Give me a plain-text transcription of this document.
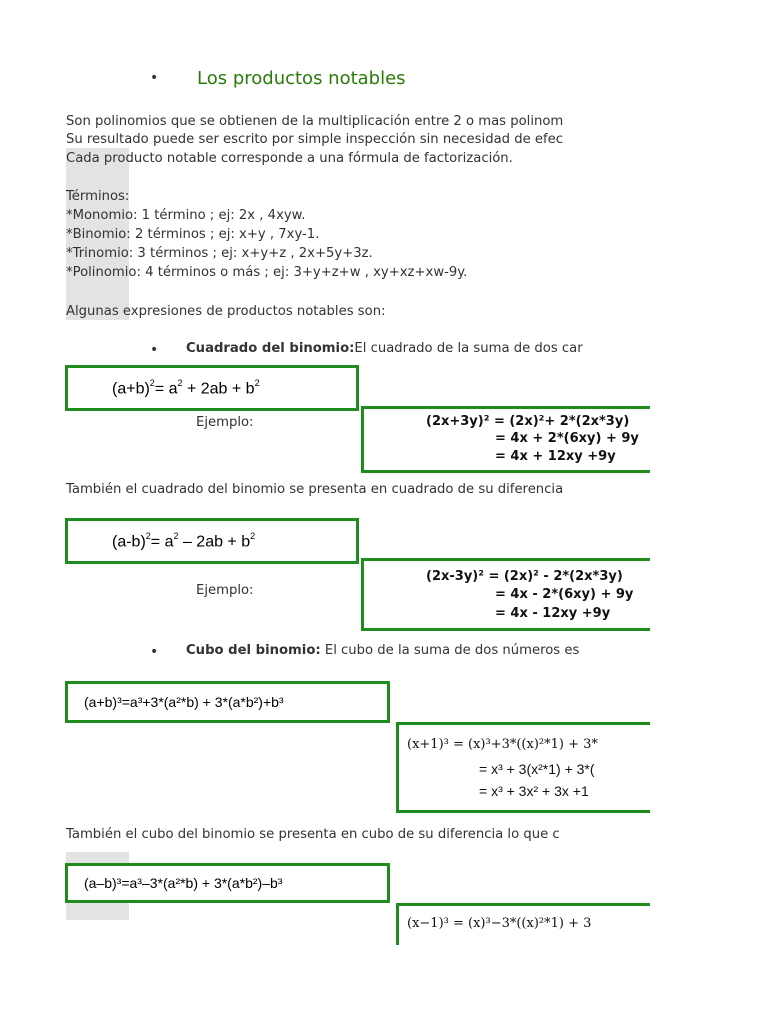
• Los productos notables
Son polinomios que se obtienen de la multiplicación entre 2 o mas polinom
Su resultado puede ser escrito por simple inspección sin necesidad de efec
Cada producto notable corresponde a una fórmula de factorización.
Términos:
*Monomio: 1 término ; ej: 2x , 4xyw.
*Binomio: 2 términos ; ej: x+y , 7xy-1.
*Trinomio: 3 términos ; ej: x+y+z , 2x+5y+3z.
*Polinomio: 4 términos o más ; ej: 3+y+z+w , xy+xz+xw-9y.
Algunas expresiones de productos notables son:
• Cuadrado del binomio:El cuadrado de la suma de dos car
$(a+b)^2= a^2 + 2ab + b^2$
Ejemplo:	(2x+3y)² = (2x)²+ 2*(2x*3y)
= 4x + 2*(6xy) + 9y
= 4x + 12xy +9y
También el cuadrado del binomio se presenta en cuadrado de su diferencia
$(a-b)^2= a^2 - 2ab + b^2$
Ejemplo:
(2x-3y)² = (2x)² - 2*(2x*3y)
= 4x - 2*(6xy) + 9y
= 4x - 12xy +9y
• Cubo del binomio: El cubo de la suma de dos números es
(a+b)³=a³+3*(a²*b) + 3*(a*b²)+b³
(x+1)³ = (x)³+3*((x)²*1) + 3*
= x³ + 3(x²*1) + 3*(
= x³ + 3x² + 3x +1
También el cubo del binomio se presenta en cubo de su diferencia lo que c
(a–b)³=a³–3*(a²*b) + 3*(a*b²)–b³
(x−1)³ = (x)³−3*((x)²*1) + 3
